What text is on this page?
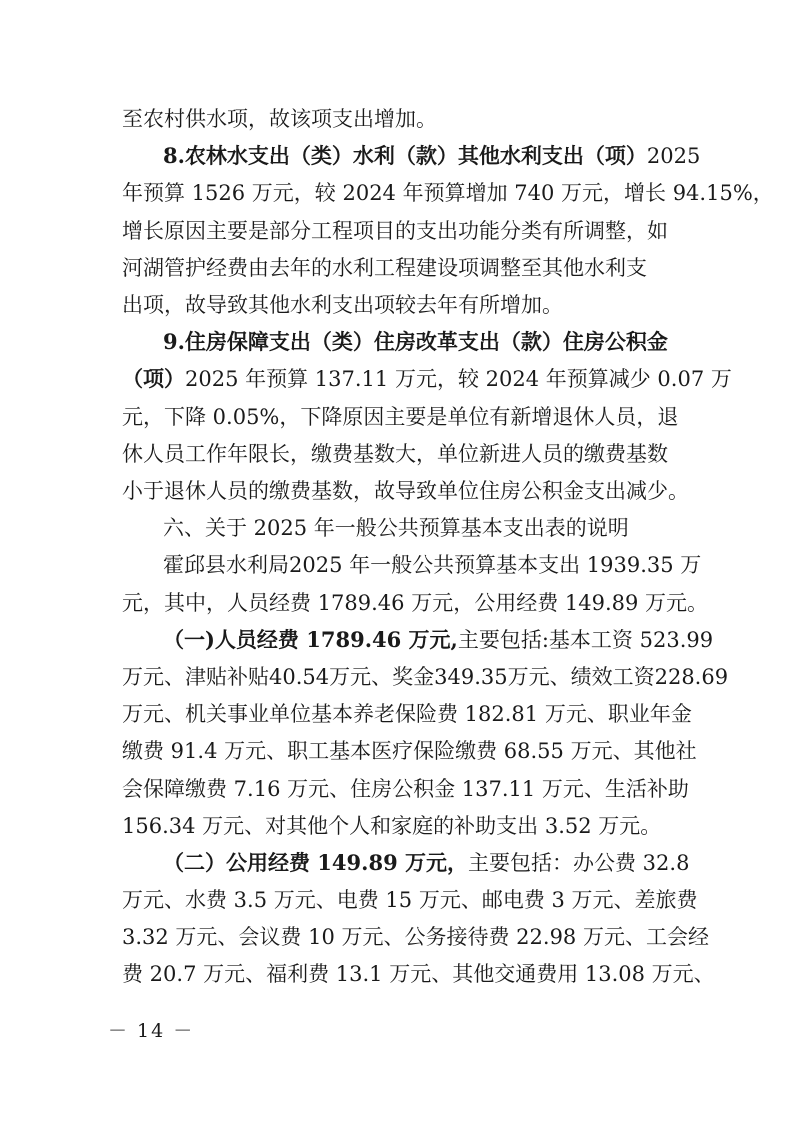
至农村供水项，故该项支出增加。
8.农林水支出（类）水利（款）其他水利支出（项）2025
年预算 1526 万元，较 2024 年预算增加 740 万元，增长 94.15%，
增长原因主要是部分工程项目的支出功能分类有所调整，如
河湖管护经费由去年的水利工程建设项调整至其他水利支
出项，故导致其他水利支出项较去年有所增加。
9.住房保障支出（类）住房改革支出（款）住房公积金
（项）2025 年预算 137.11 万元，较 2024 年预算减少 0.07 万
元，下降 0.05%，下降原因主要是单位有新增退休人员，退
休人员工作年限长，缴费基数大，单位新进人员的缴费基数
小于退休人员的缴费基数，故导致单位住房公积金支出减少。
六、关于 2025 年一般公共预算基本支出表的说明
霍邱县水利局2025 年一般公共预算基本支出 1939.35 万
元，其中，人员经费 1789.46 万元，公用经费 149.89 万元。
（一)人员经费 1789.46 万元,主要包括:基本工资 523.99
万元、津贴补贴40.54万元、奖金349.35万元、绩效工资228.69
万元、机关事业单位基本养老保险费 182.81 万元、职业年金
缴费 91.4 万元、职工基本医疗保险缴费 68.55 万元、其他社
会保障缴费 7.16 万元、住房公积金 137.11 万元、生活补助
156.34 万元、对其他个人和家庭的补助支出 3.52 万元。
（二）公用经费 149.89 万元，主要包括：办公费 32.8
万元、水费 3.5 万元、电费 15 万元、邮电费 3 万元、差旅费
3.32 万元、会议费 10 万元、公务接待费 22.98 万元、工会经
费 20.7 万元、福利费 13.1 万元、其他交通费用 13.08 万元、
－ 14 －
